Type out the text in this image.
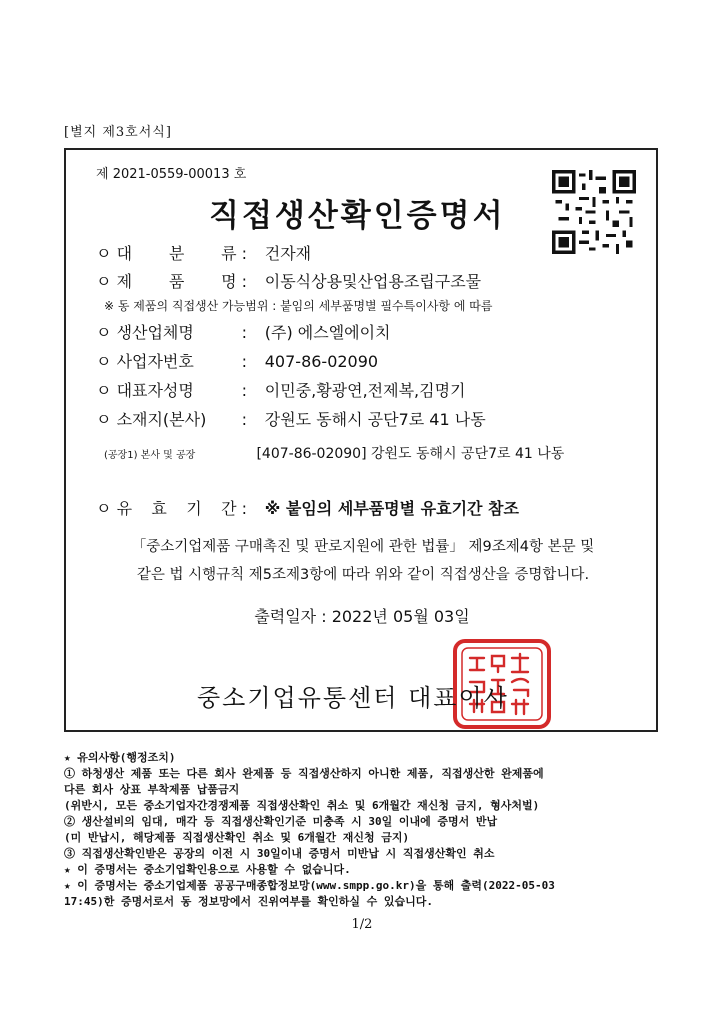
[별지 제3호서식]
제 2021-0559-00013 호
직접생산확인증명서
ㅇ 대 분 류 : 건자재
ㅇ 제 품 명 : 이동식상용및산업용조립구조물
※ 동 제품의 직접생산 가능범위 : 붙임의 세부품명별 필수특이사항 에 따름
ㅇ 생산업체명	: (주) 에스엘에이치
ㅇ 사업자번호	: 407-86-02090
ㅇ 대표자성명	: 이민중,황광연,전제복,김명기
ㅇ 소재지(본사) : 강원도 동해시 공단7로 41 나동
(공장1) 본사 및 공장	[407-86-02090] 강원도 동해시 공단7로 41 나동
ㅇ 유 효 기 간 : ※ 붙임의 세부품명별 유효기간 참조
「중소기업제품 구매촉진 및 판로지원에 관한 법률」 제9조제4항 본문 및
같은 법 시행규칙 제5조제3항에 따라 위와 같이 직접생산을 증명합니다.
출력일자 : 2022년 05월 03일
중소기업유통센터 대표이사
★ 유의사항(행정조치)
① 하청생산 제품 또는 다른 회사 완제품 등 직접생산하지 아니한 제품, 직접생산한 완제품에
다른 회사 상표 부착제품 납품금지
(위반시, 모든 중소기업자간경쟁제품 직접생산확인 취소 및 6개월간 재신청 금지, 형사처벌)
② 생산설비의 임대, 매각 등 직접생산확인기준 미충족 시 30일 이내에 증명서 반납
(미 반납시, 해당제품 직접생산확인 취소 및 6개월간 재신청 금지)
③ 직접생산확인받은 공장의 이전 시 30일이내 증명서 미반납 시 직접생산확인 취소
★ 이 증명서는 중소기업확인용으로 사용할 수 없습니다.
★ 이 증명서는 중소기업제품 공공구매종합정보망(www.smpp.go.kr)을 통해 출력(2022-05-03
17:45)한 증명서로서 동 정보망에서 진위여부를 확인하실 수 있습니다.
1/2
